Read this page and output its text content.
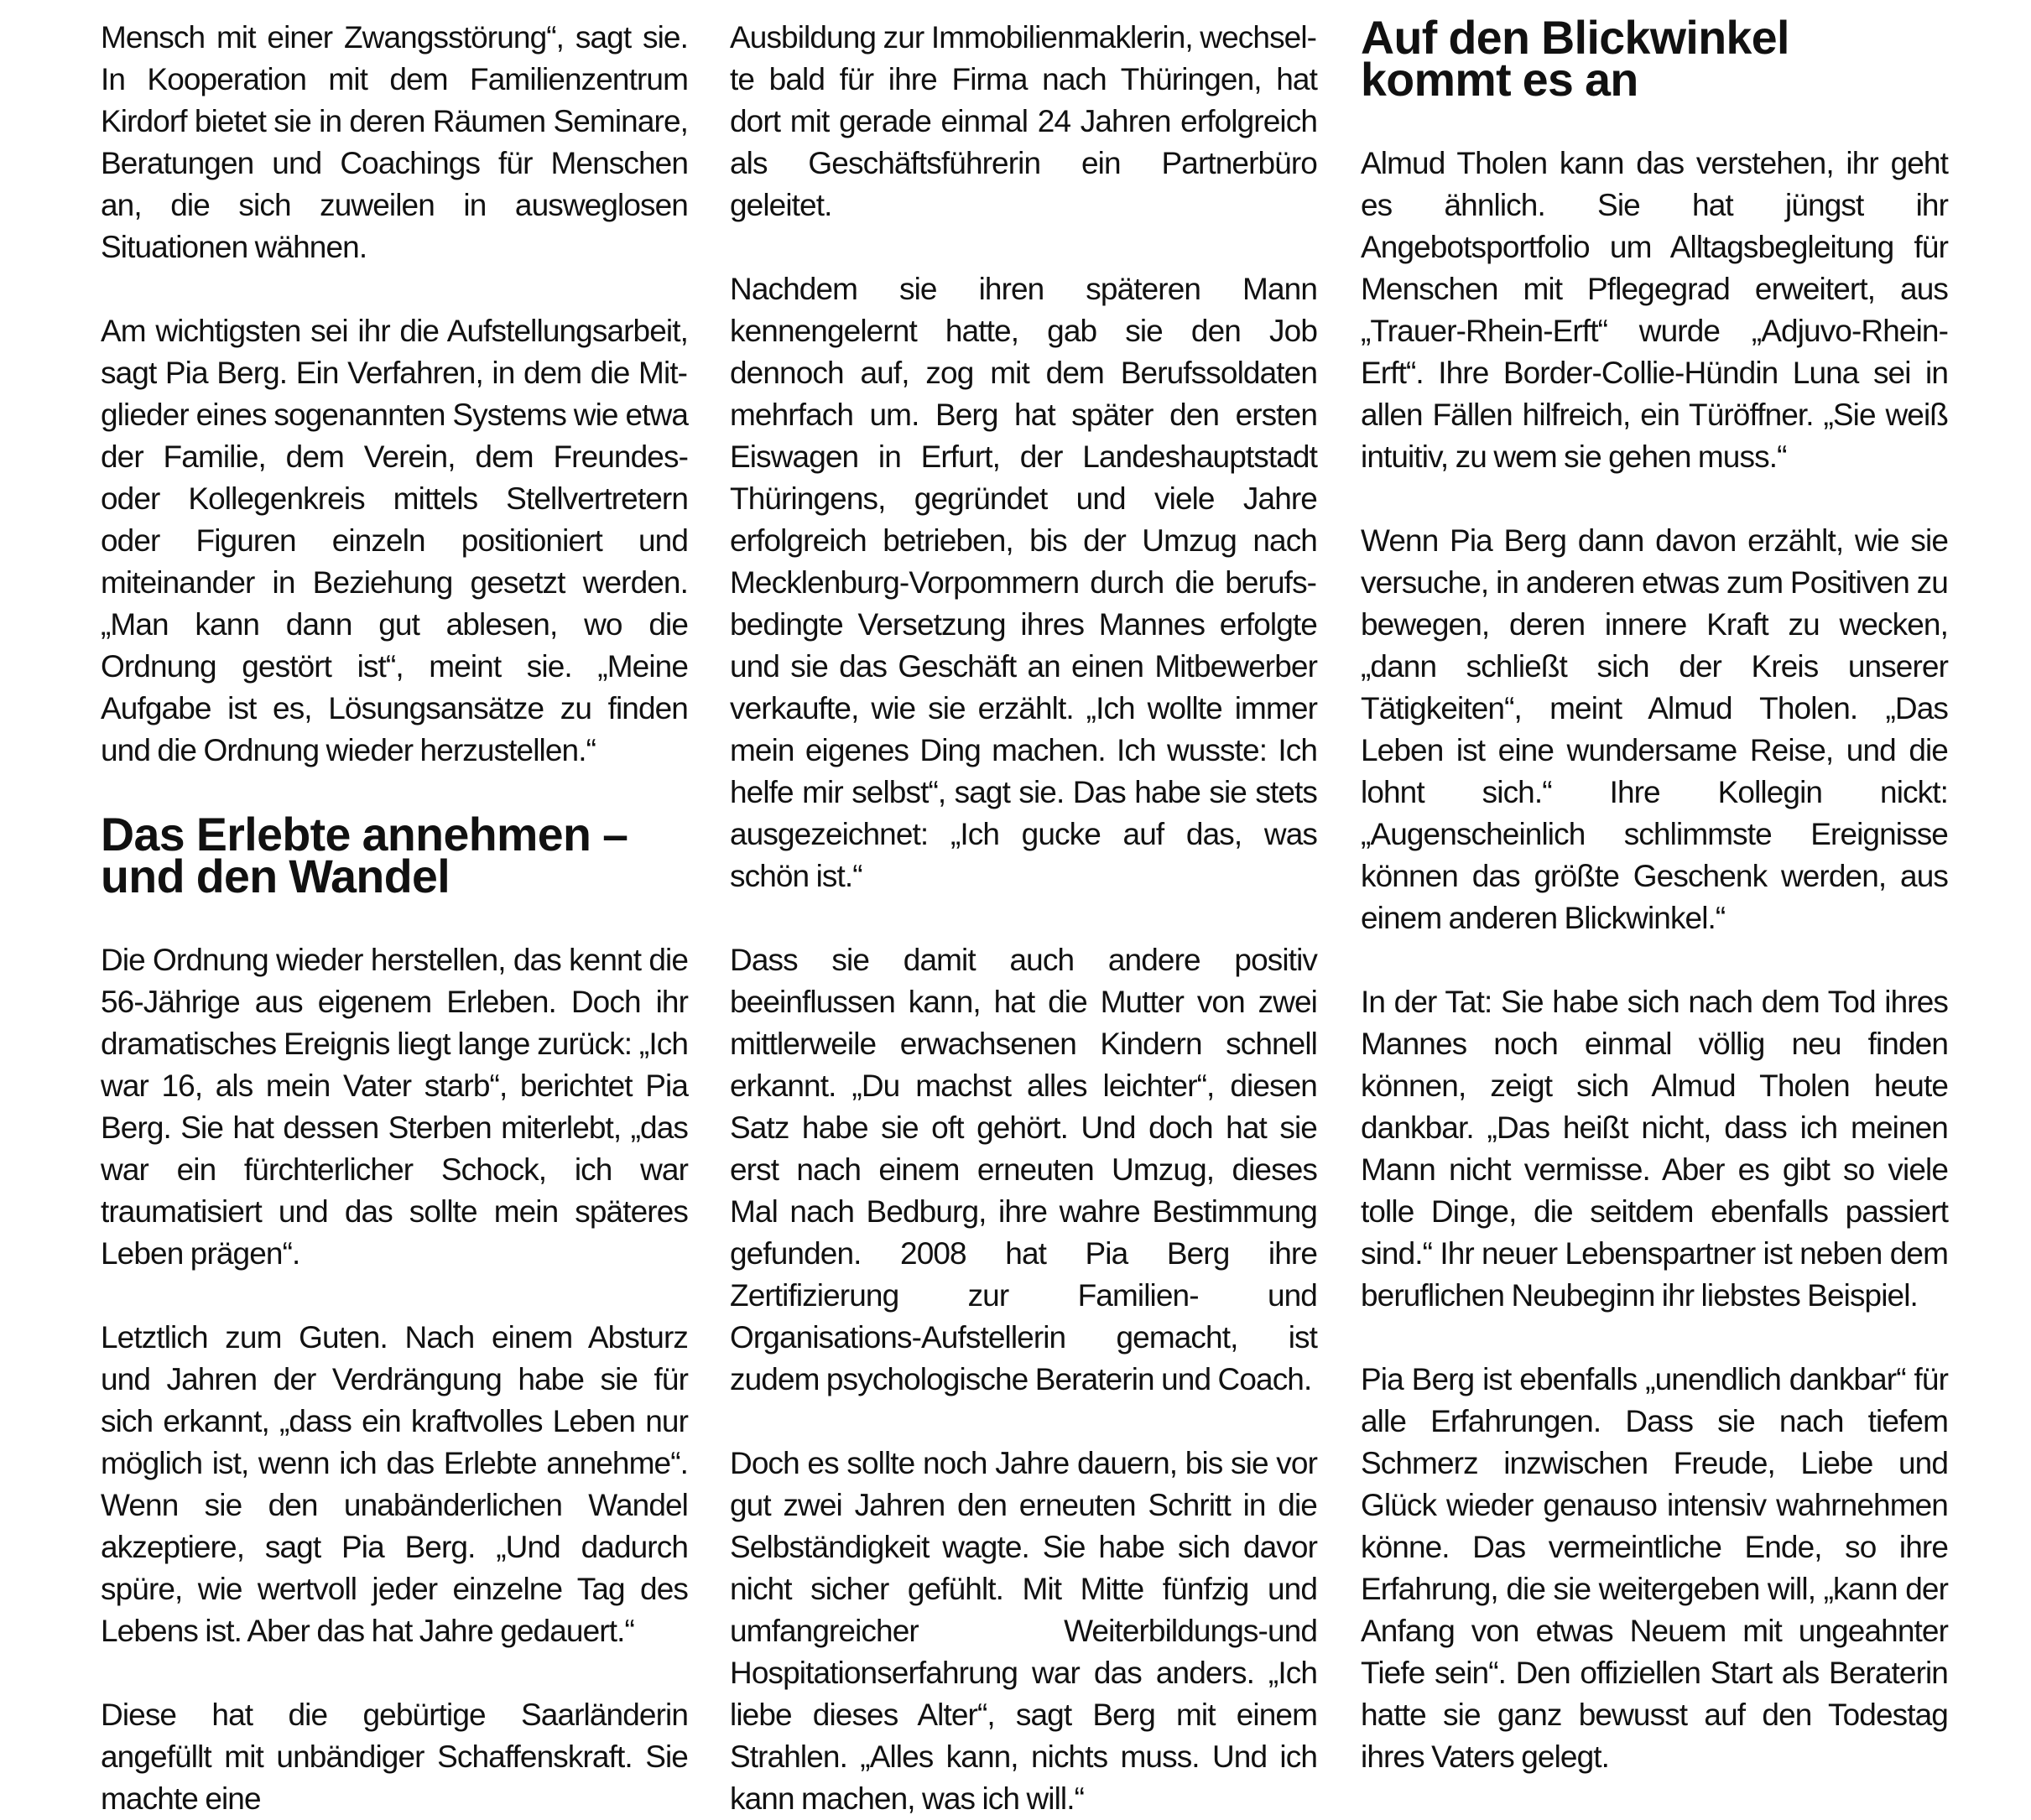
Mensch mit einer Zwangsstörung“, sagt sie. In Kooperation mit dem Familienzentrum Kirdorf bietet sie in deren Räumen Seminare, Beratungen und Coachings für Menschen an, die sich zuweilen in ausweglosen Situationen wähnen.

Am wichtigsten sei ihr die Aufstellungsarbeit, sagt Pia Berg. Ein Verfahren, in dem die Mitglieder eines sogenannten Systems wie etwa der Familie, dem Verein, dem Freundes- oder Kollegenkreis mittels Stellvertretern oder Figuren einzeln positioniert und miteinander in Beziehung gesetzt werden. „Man kann dann gut ablesen, wo die Ordnung gestört ist“, meint sie. „Meine Aufgabe ist es, Lösungsansätze zu finden und die Ordnung wieder herzustellen.“

Das Erlebte annehmen – und den Wandel

Die Ordnung wieder herstellen, das kennt die 56-Jährige aus eigenem Erleben. Doch ihr dramatisches Ereignis liegt lange zurück: „Ich war 16, als mein Vater starb“, berichtet Pia Berg. Sie hat dessen Sterben miterlebt, „das war ein fürchterlicher Schock, ich war traumatisiert und das sollte mein späteres Leben prägen“.

Letztlich zum Guten. Nach einem Absturz und Jahren der Verdrängung habe sie für sich erkannt, „dass ein kraftvolles Leben nur möglich ist, wenn ich das Erlebte annehme“. Wenn sie den unabänderlichen Wandel akzeptiere, sagt Pia Berg. „Und dadurch spüre, wie wertvoll jeder einzelne Tag des Lebens ist. Aber das hat Jahre gedauert.“

Diese hat die gebürtige Saarländerin angefüllt mit unbändiger Schaffenskraft. Sie machte eine

Ausbildung zur Immobilienmaklerin, wechselte bald für ihre Firma nach Thüringen, hat dort mit gerade einmal 24 Jahren erfolgreich als Geschäftsführerin ein Partnerbüro geleitet.

Nachdem sie ihren späteren Mann kennengelernt hatte, gab sie den Job dennoch auf, zog mit dem Berufssoldaten mehrfach um. Berg hat später den ersten Eiswagen in Erfurt, der Landeshauptstadt Thüringens, gegründet und viele Jahre erfolgreich betrieben, bis der Umzug nach Mecklenburg-Vorpommern durch die berufsbedingte Versetzung ihres Mannes erfolgte und sie das Geschäft an einen Mitbewerber verkaufte, wie sie erzählt. „Ich wollte immer mein eigenes Ding machen. Ich wusste: Ich helfe mir selbst“, sagt sie. Das habe sie stets ausgezeichnet: „Ich gucke auf das, was schön ist.“

Dass sie damit auch andere positiv beeinflussen kann, hat die Mutter von zwei mittlerweile erwachsenen Kindern schnell erkannt. „Du machst alles leichter“, diesen Satz habe sie oft gehört. Und doch hat sie erst nach einem erneuten Umzug, dieses Mal nach Bedburg, ihre wahre Bestimmung gefunden. 2008 hat Pia Berg ihre Zertifizierung zur Familien- und Organisations-Aufstellerin gemacht, ist zudem psychologische Beraterin und Coach.

Doch es sollte noch Jahre dauern, bis sie vor gut zwei Jahren den erneuten Schritt in die Selbständigkeit wagte. Sie habe sich davor nicht sicher gefühlt. Mit Mitte fünfzig und umfangreicher Weiterbildungs-und Hospitationserfahrung war das anders. „Ich liebe dieses Alter“, sagt Berg mit einem Strahlen. „Alles kann, nichts muss. Und ich kann machen, was ich will.“

Auf den Blickwinkel kommt es an

Almud Tholen kann das verstehen, ihr geht es ähnlich. Sie hat jüngst ihr Angebotsportfolio um Alltagsbegleitung für Menschen mit Pflegegrad erweitert, aus „Trauer-Rhein-Erft“ wurde „Adjuvo-Rhein-Erft“. Ihre Border-Collie-Hündin Luna sei in allen Fällen hilfreich, ein Türöffner. „Sie weiß intuitiv, zu wem sie gehen muss.“

Wenn Pia Berg dann davon erzählt, wie sie versuche, in anderen etwas zum Positiven zu bewegen, deren innere Kraft zu wecken, „dann schließt sich der Kreis unserer Tätigkeiten“, meint Almud Tholen. „Das Leben ist eine wundersame Reise, und die lohnt sich.“ Ihre Kollegin nickt: „Augenscheinlich schlimmste Ereignisse können das größte Geschenk werden, aus einem anderen Blickwinkel.“

In der Tat: Sie habe sich nach dem Tod ihres Mannes noch einmal völlig neu finden können, zeigt sich Almud Tholen heute dankbar. „Das heißt nicht, dass ich meinen Mann nicht vermisse. Aber es gibt so viele tolle Dinge, die seitdem ebenfalls passiert sind.“ Ihr neuer Lebenspartner ist neben dem beruflichen Neubeginn ihr liebstes Beispiel.

Pia Berg ist ebenfalls „unendlich dankbar“ für alle Erfahrungen. Dass sie nach tiefem Schmerz inzwischen Freude, Liebe und Glück wieder genauso intensiv wahrnehmen könne. Das vermeintliche Ende, so ihre Erfahrung, die sie weitergeben will, „kann der Anfang von etwas Neuem mit ungeahnter Tiefe sein“. Den offiziellen Start als Beraterin hatte sie ganz bewusst auf den Todestag ihres Vaters gelegt.
